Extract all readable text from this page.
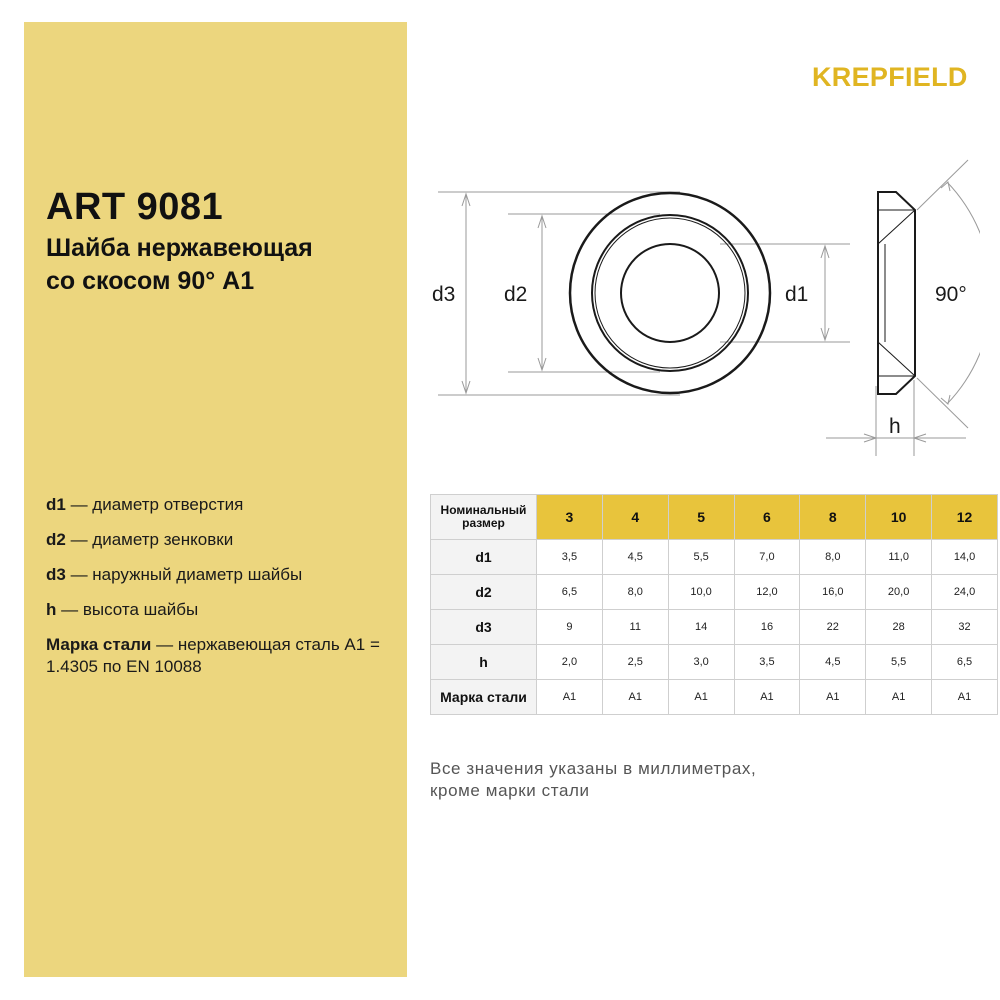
ART 9081
Шайба нержавеющая
со скосом 90° A1
d1 — диаметр отверстия
d2 — диаметр зенковки
d3 — наружный диаметр шайбы
h — высота шайбы
Марка стали — нержавеющая сталь A1 = 1.4305 по EN 10088
KREPFIELD
d3 d2	d1	90°
h
Номинальный
размер	3	4	5	6	8	10	12
d1	3,5	4,5	5,5	7,0	8,0	11,0	14,0
d2	6,5	8,0	10,0	12,0	16,0	20,0	24,0
d3	9	11	14	16	22	28	32
h	2,0	2,5	3,0	3,5	4,5	5,5	6,5
Марка стали	A1	A1	A1	A1	A1	A1	A1
Все значения указаны в миллиметрах,
кроме марки стали
